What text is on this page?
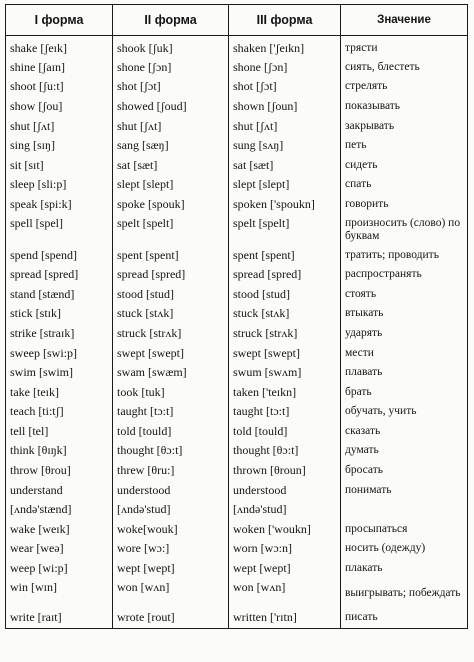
I форма	II форма	III форма	Значение
shake [ʃeɪk]	shook [ʃuk]	shaken ['ʃeɪkn]	трясти
shine [ʃaɪn]	shone [ʃɔn]	shone [ʃɔn]	сиять, блестеть
shoot [ʃu:t]	shot [ʃɔt]	shot [ʃɔt]	стрелять
show [ʃou]	showed [ʃoud]	shown [ʃoun]	показывать
shut [ʃʌt]	shut [ʃʌt]	shut [ʃʌt]	закрывать
sing [sɪŋ]	sang [sæŋ]	sung [sʌŋ]	петь
sit [sɪt]	sat [sæt]	sat [sæt]	сидеть
sleep [sli:p]	slept [slept]	slept [slept]	спать
speak [spi:k]	spoke [spouk]	spoken ['spoukn]	говорить
spell [spel]	spelt [spelt]	spelt [spelt]	произносить (слово) по буквам
spend [spend]	spent [spent]	spent [spent]	тратить; проводить
spread [spred]	spread [spred]	spread [spred]	распространять
stand [stænd]	stood [stud]	stood [stud]	стоять
stick [stɪk]	stuck [stʌk]	stuck [stʌk]	втыкать
strike [straɪk]	struck [strʌk]	struck [strʌk]	ударять
sweep [swi:p]	swept [swept]	swept [swept]	мести
swim [swim]	swam [swæm]	swum [swʌm]	плавать
take [teɪk]	took [tuk]	taken ['teɪkn]	брать
teach [ti:tʃ]	taught [tɔ:t]	taught [tɔ:t]	обучать, учить
tell [tel]	told [tould]	told [tould]	сказать
think [θɪŋk]	thought [θɔ:t]	thought [θɔ:t]	думать
throw [θrou]	threw [θru:]	thrown [θroun]	бросать
understand	understood	understood	понимать
[ʌndə'stænd]	[ʌndə'stud]	[ʌndə'stud]	
wake [weɪk]	woke[wouk]	woken ['woukn]	просыпаться
wear [weə]	wore [wɔ:]	worn [wɔ:n]	носить (одежду)
weep [wi:p]	wept [wept]	wept [wept]	плакать
win [wɪn]	won [wʌn]	won [wʌn]	выигрывать; побеждать
write [raɪt]	wrote [rout]	written ['rɪtn]	писать
